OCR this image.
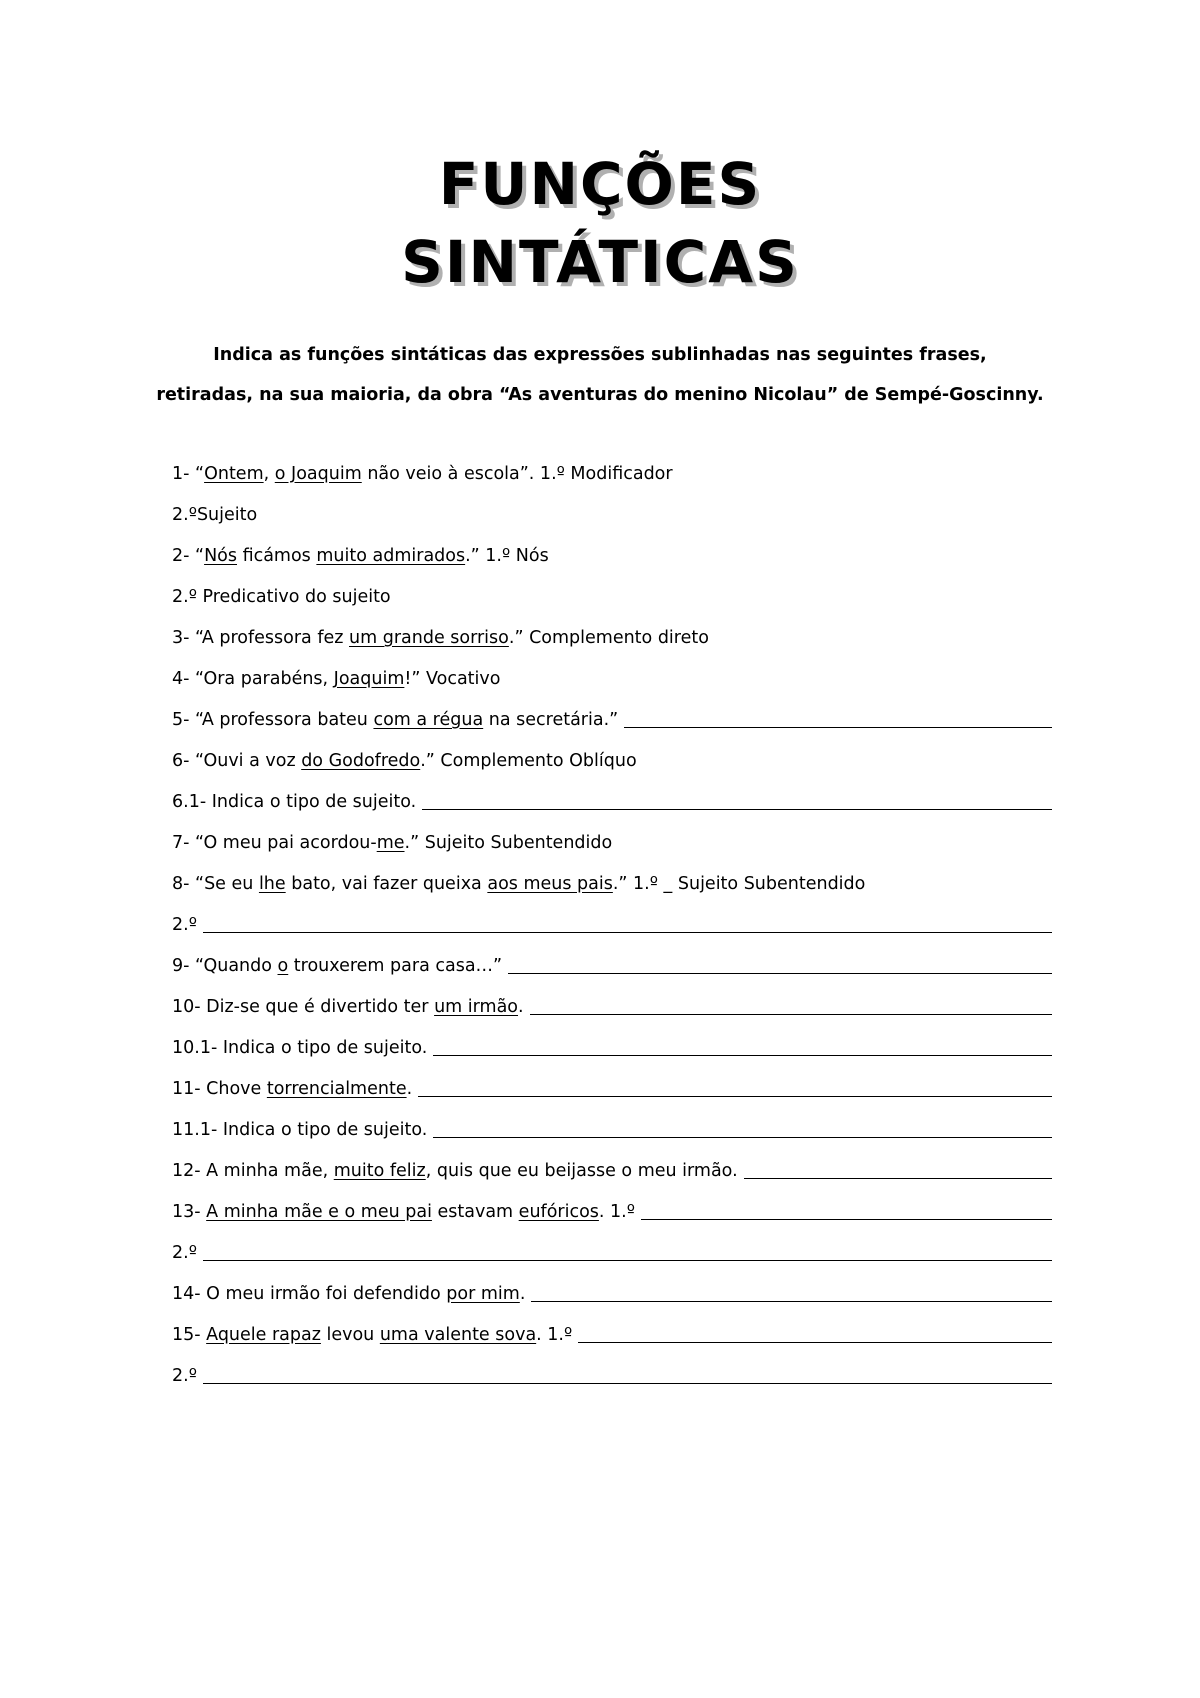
FUNÇÕES
SINTÁTICAS
Indica as funções sintáticas das expressões sublinhadas nas seguintes frases,
retiradas, na sua maioria, da obra “As aventuras do menino Nicolau” de Sempé-Goscinny.
1- “ Ontem , o Joaquim não veio à escola”. 1.º Modificador
2.ºSujeito
2- “ Nós ficámos muito admirados .” 1.º Nós
2.º Predicativo do sujeito
3- “A professora fez um grande sorriso .” Complemento direto
4- “Ora parabéns, Joaquim !” Vocativo
5- “A professora bateu com a régua na secretária.”
6- “Ouvi a voz do Godofredo .” Complemento Oblíquo
6.1- Indica o tipo de sujeito.
7- “O meu pai acordou- me .” Sujeito Subentendido
8- “Se eu lhe bato, vai fazer queixa aos meus pais .” 1.º _ Sujeito Subentendido
2.º
9- “Quando o trouxerem para casa…”
10- Diz-se que é divertido ter um irmão .
10.1- Indica o tipo de sujeito.
11- Chove torrencialmente .
11.1- Indica o tipo de sujeito.
12- A minha mãe, muito feliz , quis que eu beijasse o meu irmão.
13- A minha mãe e o meu pai estavam eufóricos . 1.º
2.º
14- O meu irmão foi defendido por mim .
15- Aquele rapaz levou uma valente sova . 1.º
2.º
